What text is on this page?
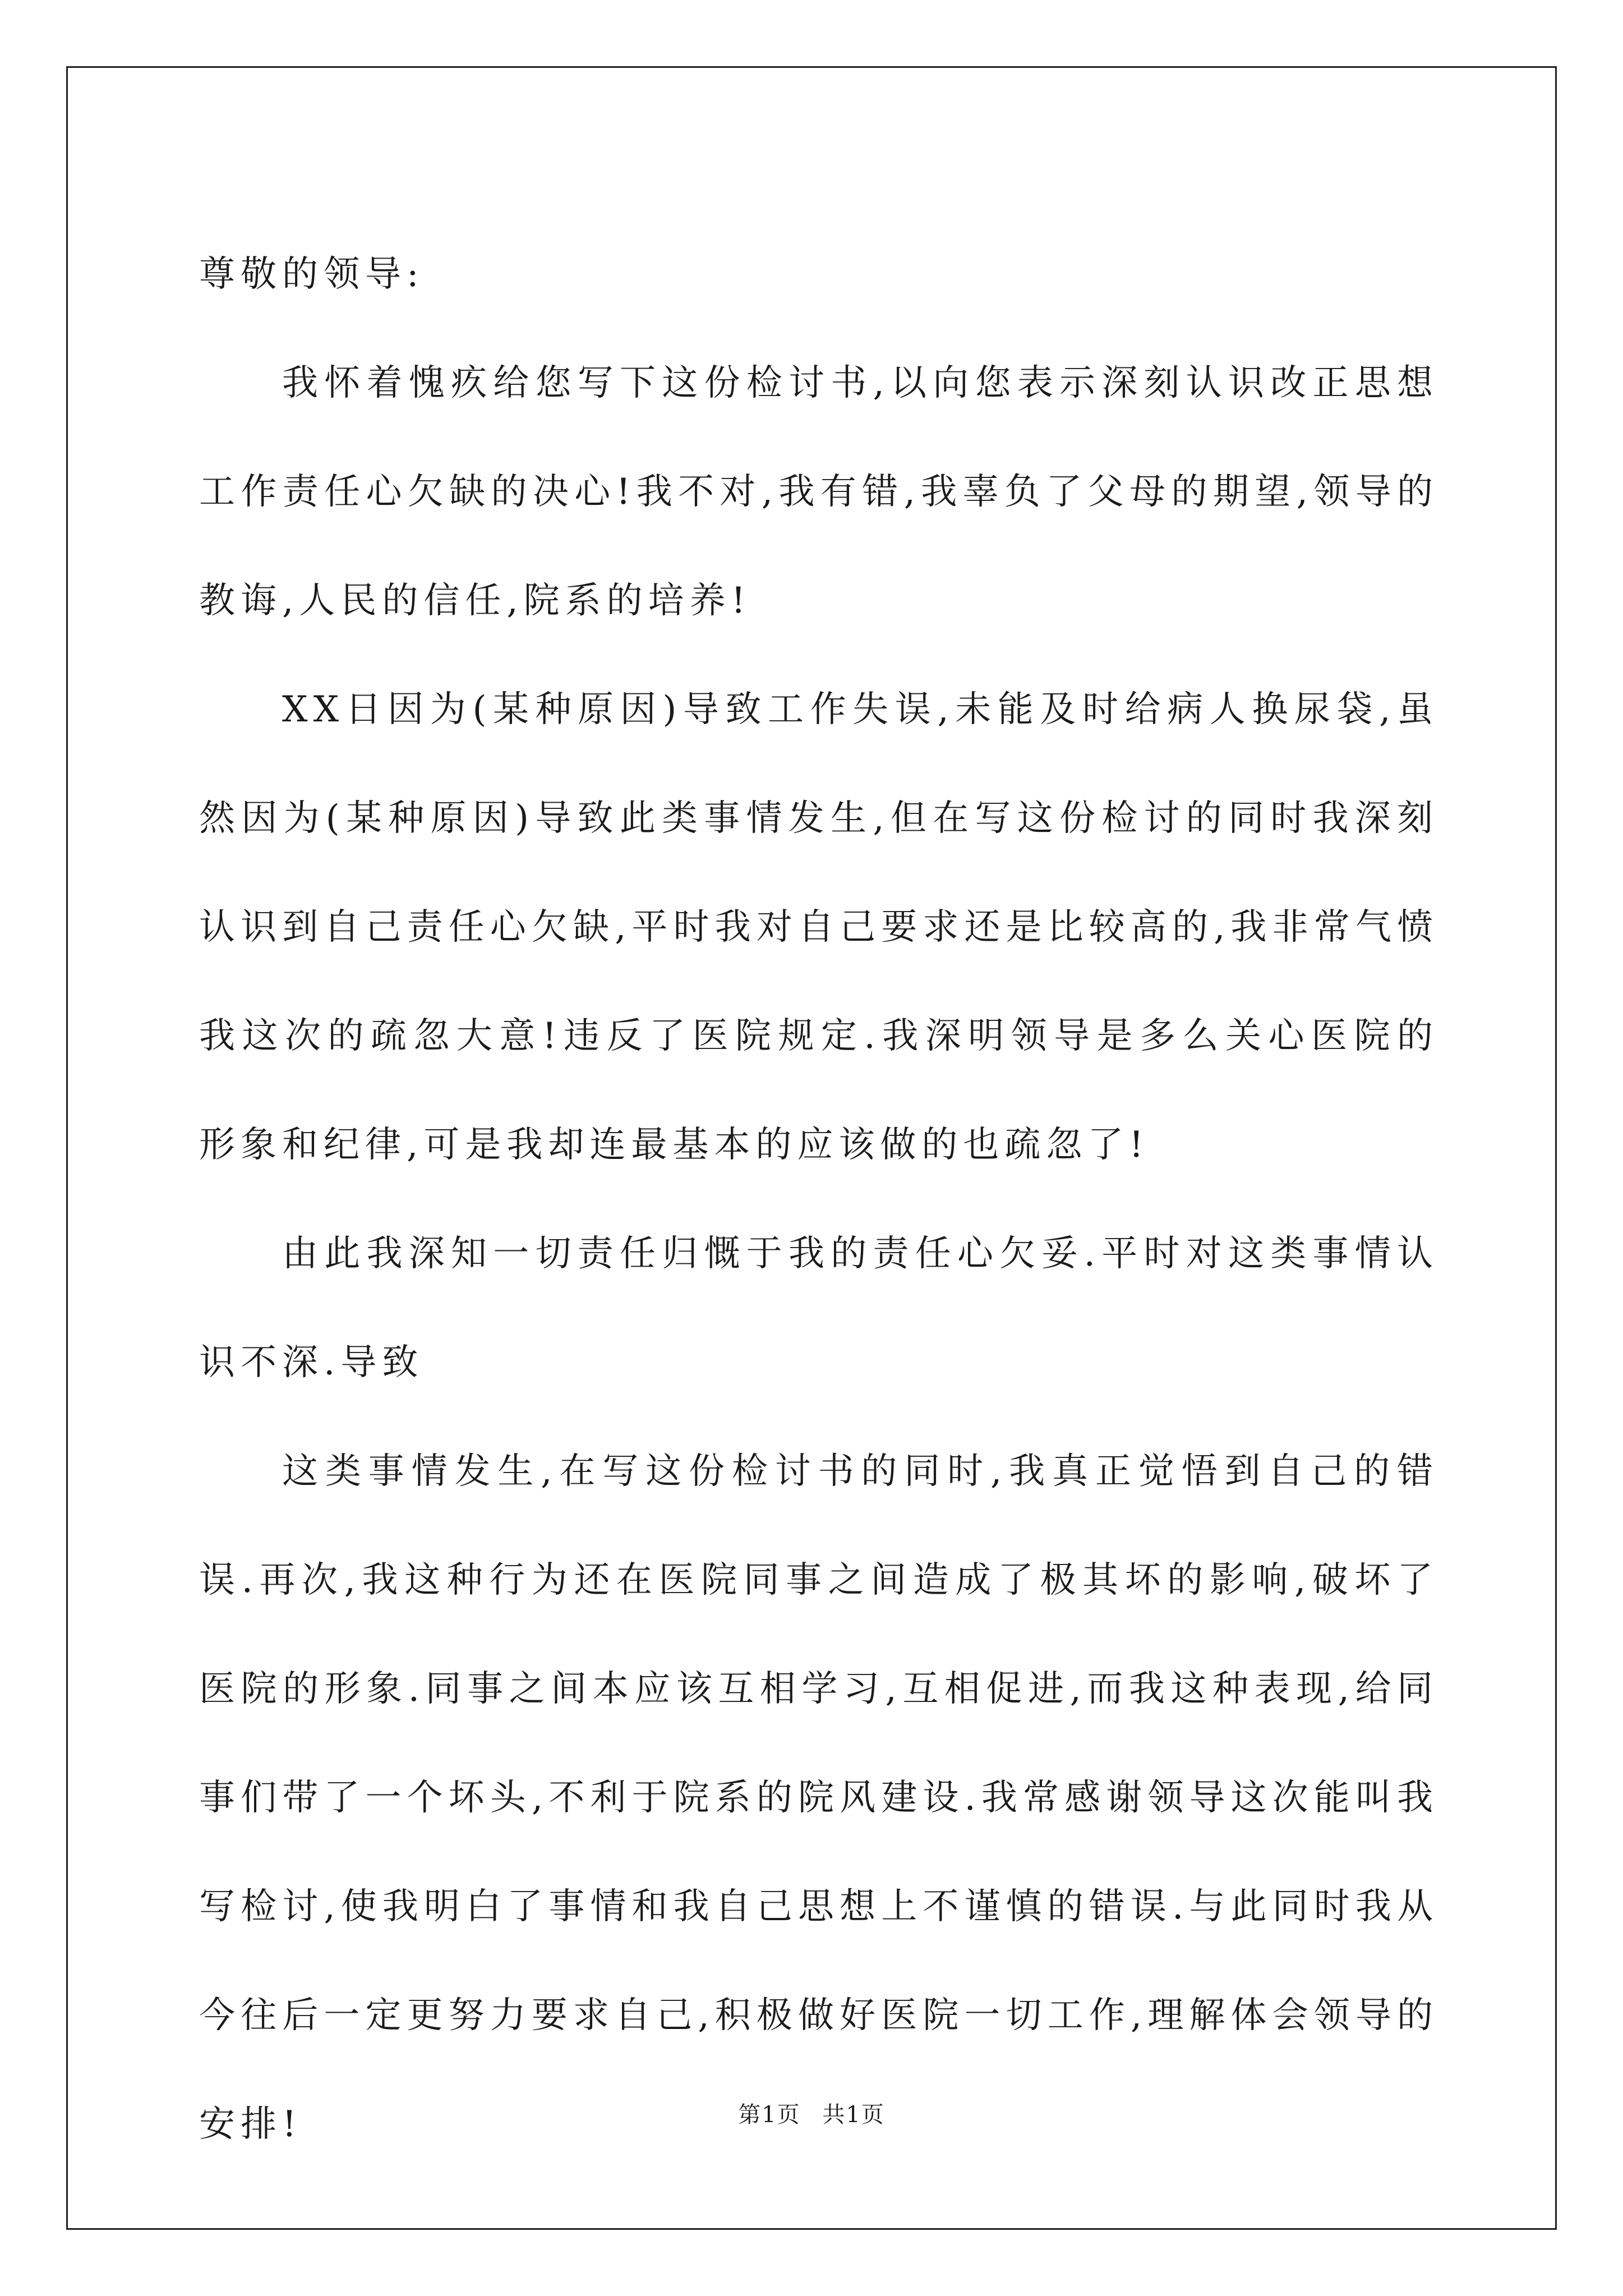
尊敬的领导:

我怀着愧疚给您写下这份检讨书,以向您表示深刻认识改正思想工作责任心欠缺的决心!我不对,我有错,我辜负了父母的期望,领导的教诲,人民的信任,院系的培养!

XX日因为(某种原因)导致工作失误,未能及时给病人换尿袋,虽然因为(某种原因)导致此类事情发生,但在写这份检讨的同时我深刻认识到自己责任心欠缺,平时我对自己要求还是比较高的,我非常气愤我这次的疏忽大意!违反了医院规定.我深明领导是多么关心医院的形象和纪律,可是我却连最基本的应该做的也疏忽了!

由此我深知一切责任归慨于我的责任心欠妥.平时对这类事情认识不深.导致

这类事情发生,在写这份检讨书的同时,我真正觉悟到自己的错误.再次,我这种行为还在医院同事之间造成了极其坏的影响,破坏了医院的形象.同事之间本应该互相学习,互相促进,而我这种表现,给同事们带了一个坏头,不利于院系的院风建设.我常感谢领导这次能叫我写检讨,使我明白了事情和我自己思想上不谨慎的错误.与此同时我从今往后一定更努力要求自己,积极做好医院一切工作,理解体会领导的安排!	第1页 共1页
